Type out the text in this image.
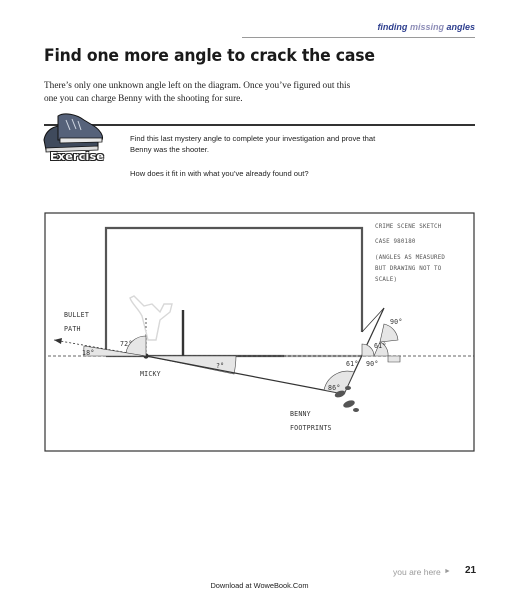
finding missing angles
Find one more angle to crack the case
There’s only one unknown angle left on the diagram. Once you’ve figured out this one you can charge Benny with the shooting for sure.
Exercise
Find this last mystery angle to complete your investigation and prove that Benny was the shooter.
How does it fit in with what you’ve already found out?
CRIME SCENE SKETCH
CASE 980180
(ANGLES AS MEASURED
BUT DRAWING NOT TO
SCALE)
BULLET
PATH
MICKY
BENNY
FOOTPRINTS
18°
72°
?°
90°
61°
61° 90°
86°
you are here ► 21
Download at WoweBook.Com
